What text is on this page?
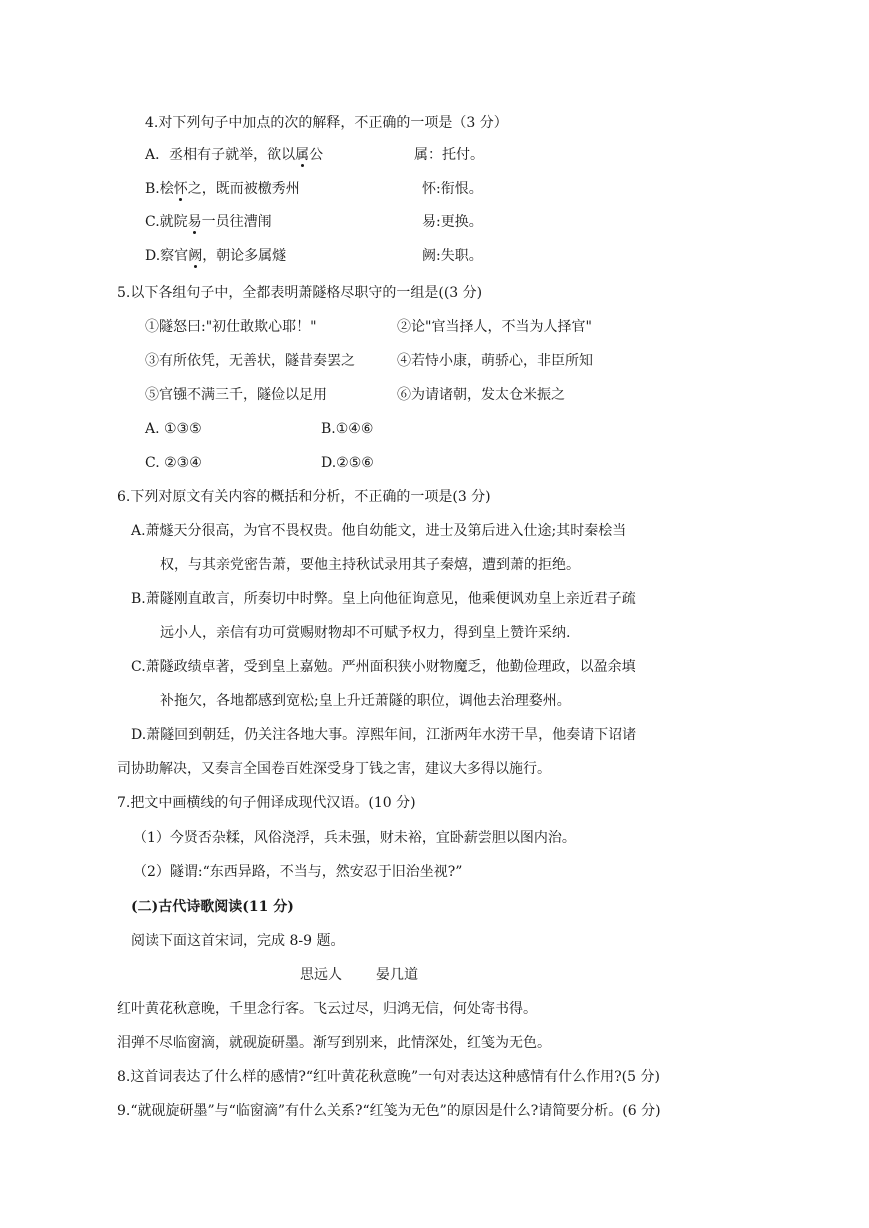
4.对下列句子中加点的次的解释，不正确的一项是（3 分）
A．丞相有子就举，欲以属公	属：托付。
B.桧怀之，既而被檄秀州	怀:衔恨。
C.就院易一员往漕闱	易:更换。
D.察官阙，朝论多属燧	阙:失职。
5.以下各组句子中，全都表明萧隧格尽职守的一组是((3 分)
①隧怒曰:"初仕敢欺心耶！"	②论"官当择人，不当为人择官"
③有所依凭，无善状，隧昔奏罢之	④若恃小康，萌骄心，非臣所知
⑤官镪不满三千，隧俭以足用	⑥为请诸朝，发太仓米振之
A. ①③⑤	B.①④⑥
C. ②③④	D.②⑤⑥
6.下列对原文有关内容的概括和分析，不正确的一项是(3 分)
A.萧燧天分很高，为官不畏权贵。他自幼能文，进士及第后进入仕途;其时秦桧当
权，与其亲党密告萧，要他主持秋试录用其子秦熺，遭到萧的拒绝。
B.萧隧刚直敢言，所奏切中时弊。皇上向他征询意见，他乘便讽劝皇上亲近君子疏
远小人，亲信有功可赏赐财物却不可赋予权力，得到皇上赞许采纳.
C.萧隧政绩卓著，受到皇上嘉勉。严州面积狭小财物魔乏，他勤俭理政，以盈余填
补拖欠，各地都感到宽松;皇上升迁萧隧的职位，调他去治理婺州。
D.萧隧回到朝廷，仍关注各地大事。淳熙年间，江浙两年水涝干旱，他奏请下诏诸
司协助解决，又奏言全国卷百姓深受身丁钱之害，建议大多得以施行。
7.把文中画横线的句子佣译成现代汉语。(10 分)
（1）今贤否杂糅，风俗浇浮，兵未强，财未裕，宜卧薪尝胆以图内治。
（2）隧谓:“东西异路，不当与，然安忍于旧治坐视?”
(二)古代诗歌阅读(11 分)
阅读下面这首宋词，完成 8-9 题。
思远人 晏几道
红叶黄花秋意晚，千里念行客。飞云过尽，归鸿无信，何处寄书得。
泪弹不尽临窗滴，就砚旋研墨。渐写到别来，此情深处，红笺为无色。
8.这首词表达了什么样的感情?“红叶黄花秋意晚”一句对表达这种感情有什么作用?(5 分)
9.“就砚旋研墨”与“临窗滴”有什么关系?“红笺为无色”的原因是什么?请简要分析。(6 分)
